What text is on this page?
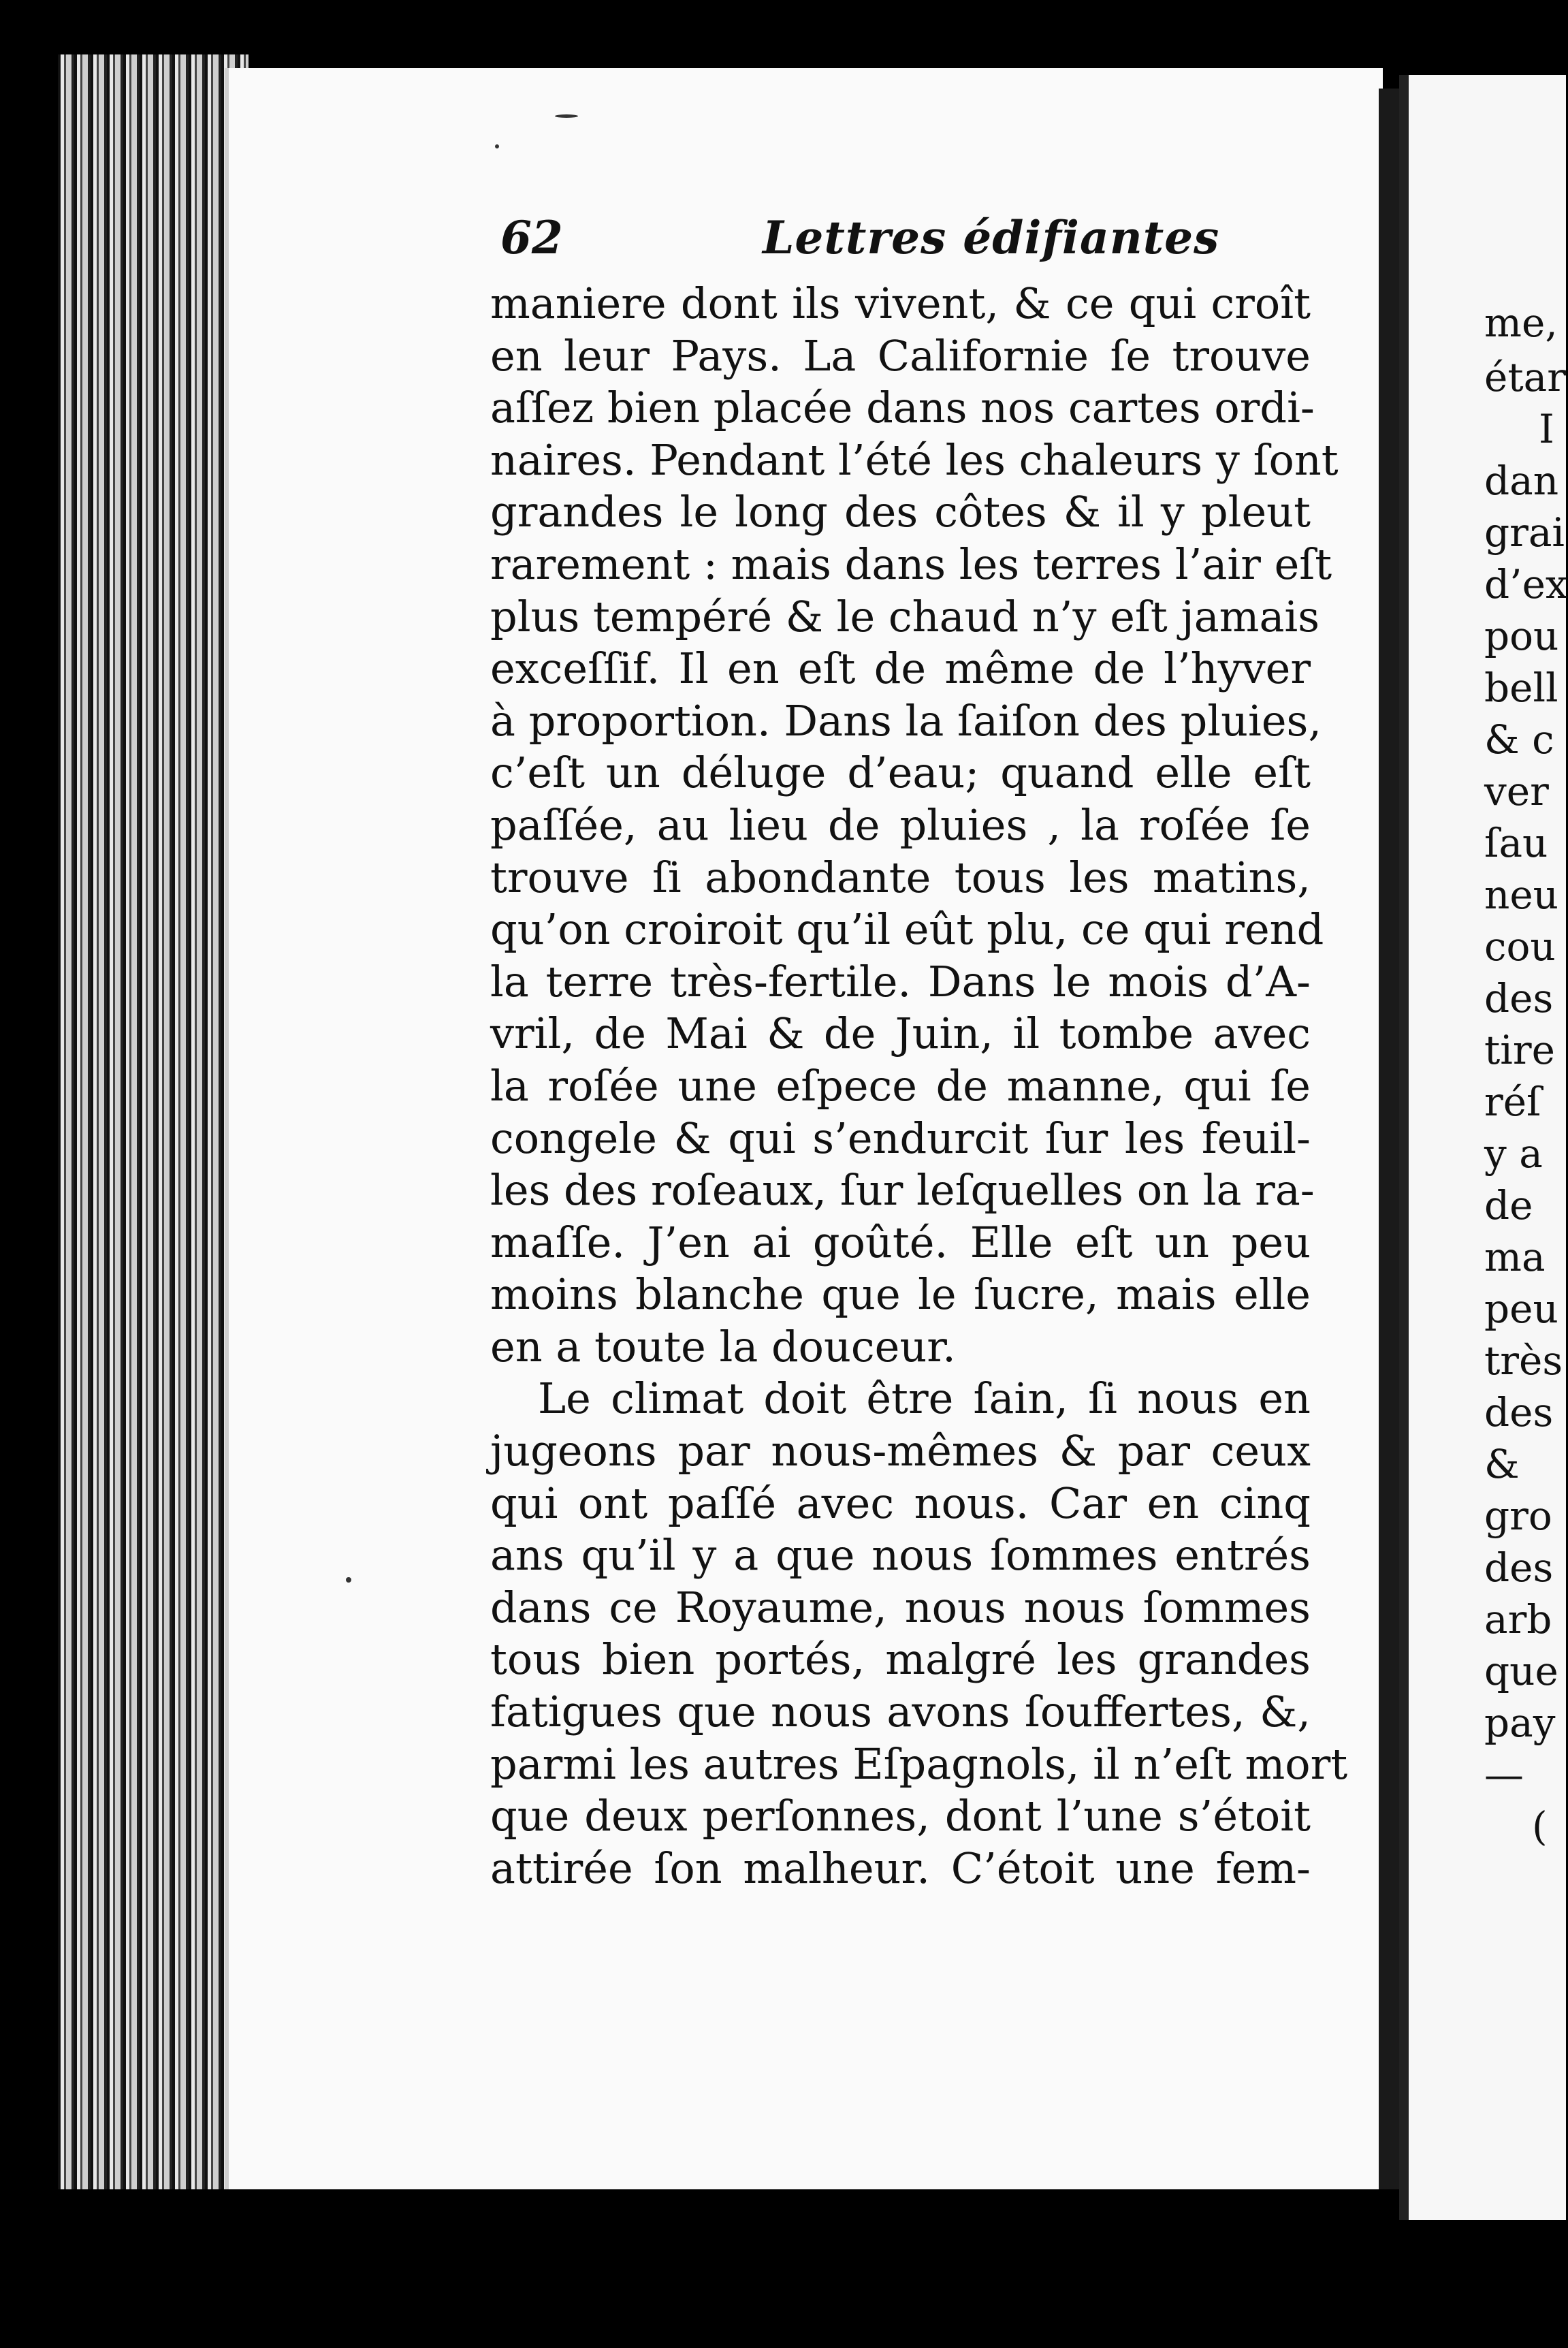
62	Lettres édifiantes
maniere dont ils vivent, & ce qui croît
en leur Pays. La Californie ſe trouve
aſſez bien placée dans nos cartes ordi-
naires. Pendant l’été les chaleurs y ſont
grandes le long des côtes & il y pleut
rarement : mais dans les terres l’air eſt
plus tempéré & le chaud n’y eſt jamais
exceſſif. Il en eſt de même de l’hyver
à proportion. Dans la ſaiſon des pluies,
c’eſt un déluge d’eau; quand elle eſt
paſſée, au lieu de pluies , la roſée ſe
trouve ſi abondante tous les matins,
qu’on croiroit qu’il eût plu, ce qui rend
la terre très-fertile. Dans le mois d’A-
vril, de Mai & de Juin, il tombe avec
la roſée une eſpece de manne, qui ſe
congele & qui s’endurcit ſur les feuil-
les des roſeaux, ſur leſquelles on la ra-
maſſe. J’en ai goûté. Elle eſt un peu
moins blanche que le ſucre, mais elle
en a toute la douceur.
Le climat doit être ſain, ſi nous en
jugeons par nous-mêmes & par ceux
qui ont paſſé avec nous. Car en cinq
ans qu’il y a que nous ſommes entrés
dans ce Royaume, nous nous ſommes
tous bien portés, malgré les grandes
fatigues que nous avons ſouffertes, &,
parmi les autres Eſpagnols, il n’eſt mort
que deux perſonnes, dont l’une s’étoit
attirée ſon malheur. C’étoit une fem-
me,
étar
I
dan
grai
d’ex
pou
bell
& c
ver
ſau
neu
cou
des
tire
réſ
y a
de
ma
peu
très
des
&
gro
des
arb
que
pay
—
(
